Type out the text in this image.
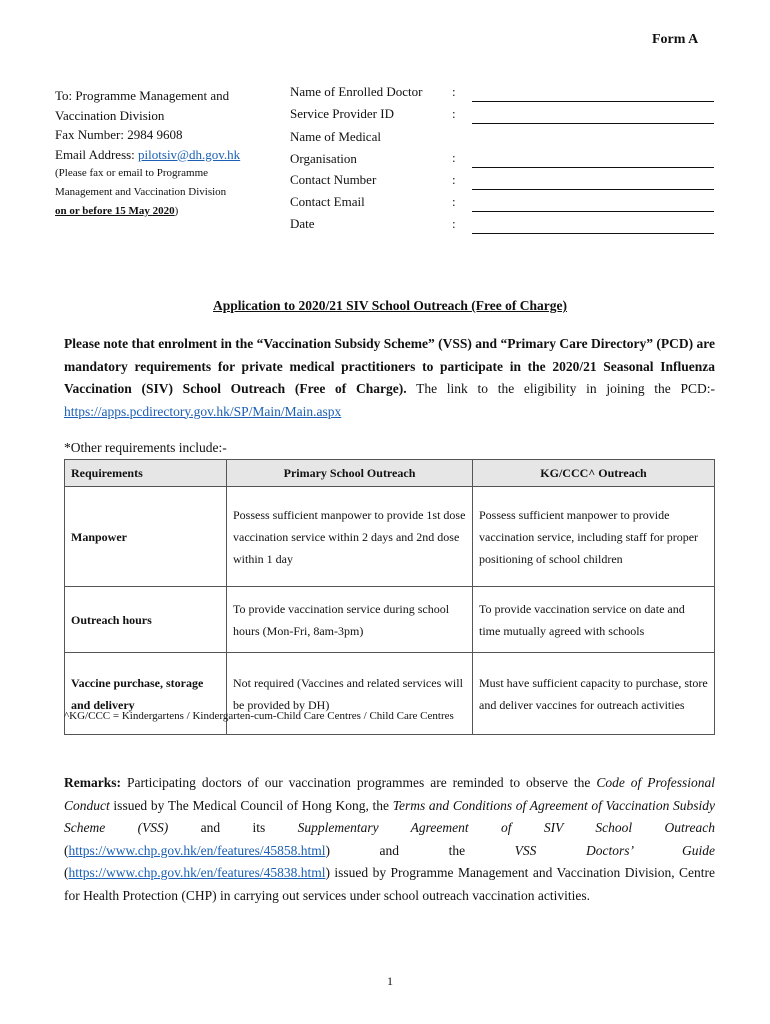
Form A
To: Programme Management and
Vaccination Division
Fax Number: 2984 9608
Email Address: pilotsiv@dh.gov.hk
(Please fax or email to Programme
Management and Vaccination Division
on or before 15 May 2020)
Name of Enrolled Doctor :
Service Provider ID	:
Name of Medical
Organisation	:
Contact Number	:
Contact Email	:
Date	:
Application to 2020/21 SIV School Outreach (Free of Charge)
Please note that enrolment in the “Vaccination Subsidy Scheme” (VSS) and “Primary Care Directory” (PCD) are mandatory requirements for private medical practitioners to participate in the 2020/21 Seasonal Influenza Vaccination (SIV) School Outreach (Free of Charge). The link to the eligibility in joining the PCD:- https://apps.pcdirectory.gov.hk/SP/Main/Main.aspx
*Other requirements include:-
Requirements	Primary School Outreach	KG/CCC^ Outreach
Manpower	Possess sufficient manpower to provide 1st dose vaccination service within 2 days and 2nd dose within 1 day	Possess sufficient manpower to provide vaccination service, including staff for proper positioning of school children
Outreach hours	To provide vaccination service during school hours (Mon-Fri, 8am-3pm)	To provide vaccination service on date and time mutually agreed with schools
Vaccine purchase, storage and delivery	Not required (Vaccines and related services will be provided by DH)	Must have sufficient capacity to purchase, store and deliver vaccines for outreach activities
^KG/CCC = Kindergartens / Kindergarten-cum-Child Care Centres / Child Care Centres
Remarks: Participating doctors of our vaccination programmes are reminded to observe the Code of Professional Conduct issued by The Medical Council of Hong Kong, the Terms and Conditions of Agreement of Vaccination Subsidy Scheme (VSS) and its Supplementary Agreement of SIV School Outreach (https://www.chp.gov.hk/en/features/45858.html) and the VSS Doctors’ Guide (https://www.chp.gov.hk/en/features/45838.html) issued by Programme Management and Vaccination Division, Centre for Health Protection (CHP) in carrying out services under school outreach vaccination activities.
1
